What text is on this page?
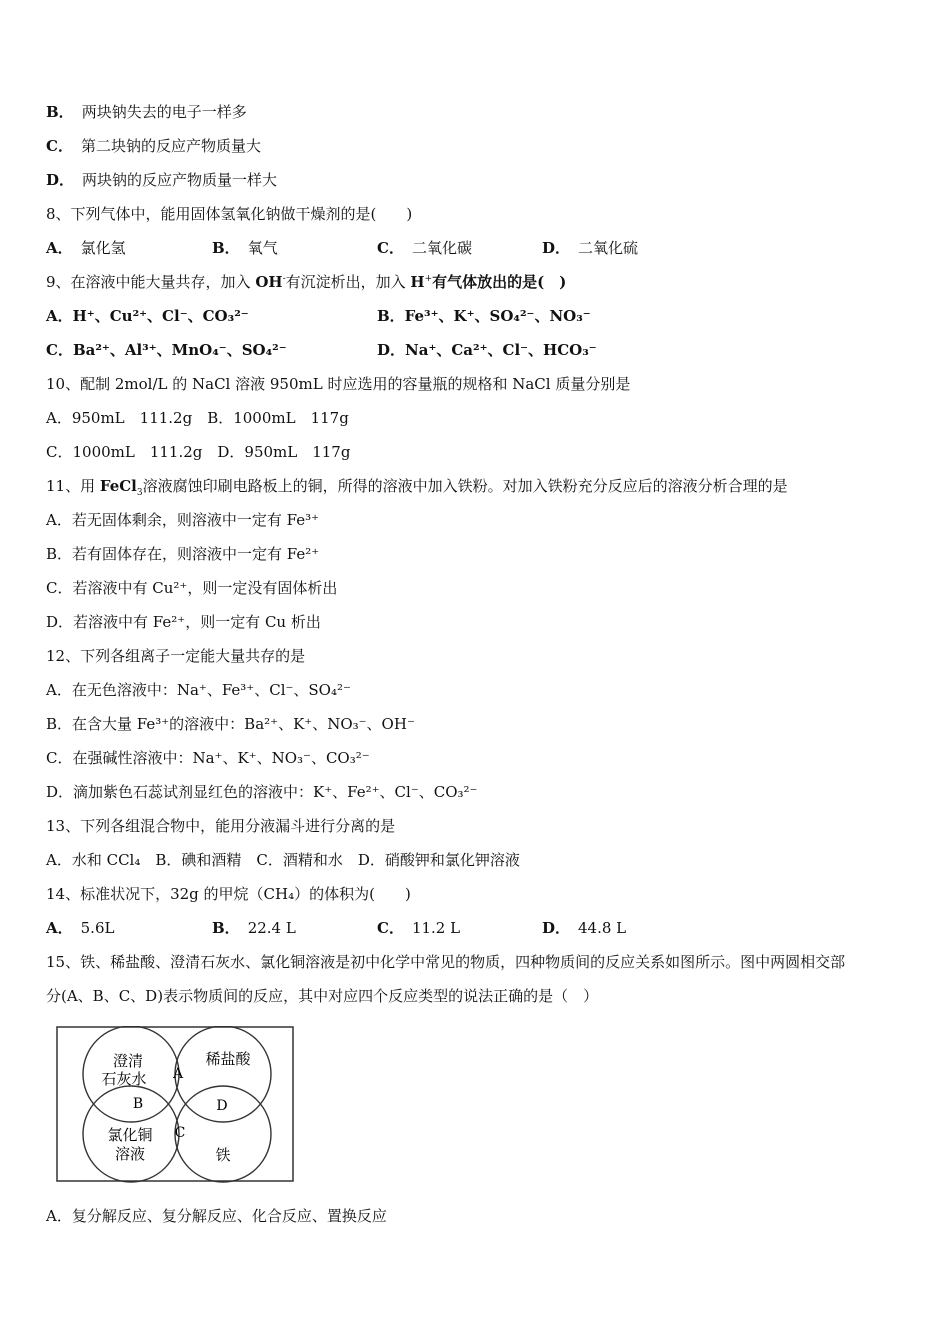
B． 两块钠失去的电子一样多
C． 第二块钠的反应产物质量大
D． 两块钠的反应产物质量一样大
8、下列气体中，能用固体氢氧化钠做干燥剂的是(　　)
A． 氯化氢	B． 氧气	C． 二氧化碳	D． 二氧化硫
9、在溶液中能大量共存，加入 OH-有沉淀析出，加入 H+有气体放出的是(　)
A．H⁺、Cu²⁺、Cl⁻、CO₃²⁻	B．Fe³⁺、K⁺、SO₄²⁻、NO₃⁻
C．Ba²⁺、Al³⁺、MnO₄⁻、SO₄²⁻	D．Na⁺、Ca²⁺、Cl⁻、HCO₃⁻
10、配制 2mol/L 的 NaCl 溶液 950mL 时应选用的容量瓶的规格和 NaCl 质量分别是
A．950mL　111.2g　B．1000mL　117g
C．1000mL　111.2g　D．950mL　117g
11、用 FeCl$_3$溶液腐蚀印刷电路板上的铜，所得的溶液中加入铁粉。对加入铁粉充分反应后的溶液分析合理的是
A．若无固体剩余，则溶液中一定有 Fe³⁺
B．若有固体存在，则溶液中一定有 Fe²⁺
C．若溶液中有 Cu²⁺，则一定没有固体析出
D．若溶液中有 Fe²⁺，则一定有 Cu 析出
12、下列各组离子一定能大量共存的是
A．在无色溶液中：Na⁺、Fe³⁺、Cl⁻、SO₄²⁻
B．在含大量 Fe³⁺的溶液中：Ba²⁺、K⁺、NO₃⁻、OH⁻
C．在强碱性溶液中：Na⁺、K⁺、NO₃⁻、CO₃²⁻
D．滴加紫色石蕊试剂显红色的溶液中：K⁺、Fe²⁺、Cl⁻、CO₃²⁻
13、下列各组混合物中，能用分液漏斗进行分离的是
A．水和 CCl₄　B．碘和酒精　C．酒精和水　D．硝酸钾和氯化钾溶液
14、标准状况下，32g 的甲烷（CH₄）的体积为(　　)
A． 5.6L	B． 22.4 L	C． 11.2 L	D． 44.8 L
15、铁、稀盐酸、澄清石灰水、氯化铜溶液是初中化学中常见的物质，四种物质间的反应关系如图所示。图中两圆相交部
分(A、B、C、D)表示物质间的反应，其中对应四个反应类型的说法正确的是（　）
澄清
石灰水
稀盐酸
氯化铜
溶液	铁
A
B
C
D
A．复分解反应、复分解反应、化合反应、置换反应
